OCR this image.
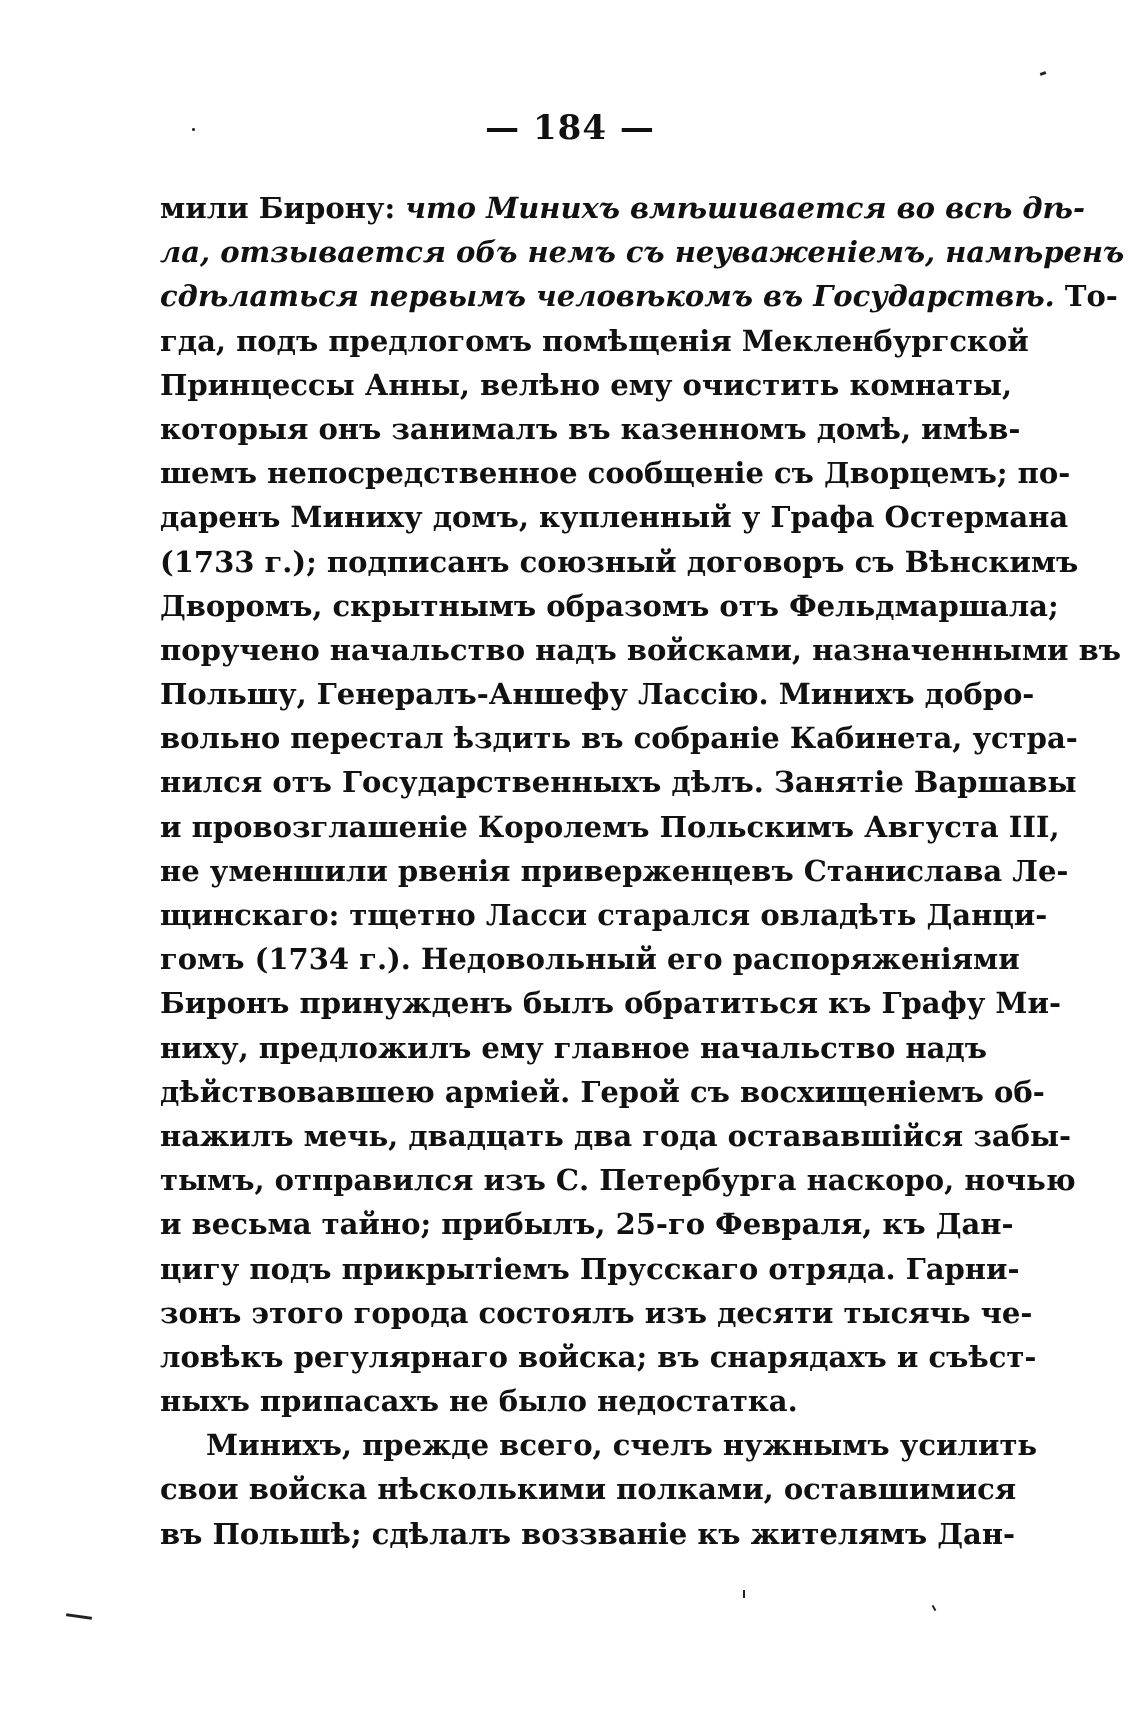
— 184 —
мили Бирону: что Минихъ вмѣшивается во всѣ дѣ-
ла, отзывается объ немъ съ неуваженіемъ, намѣренъ
сдѣлаться первымъ человѣкомъ въ Государствѣ. То-
гда, подъ предлогомъ помѣщенія Мекленбургской
Принцессы Анны, велѣно ему очистить комнаты,
которыя онъ занималъ въ казенномъ домѣ, имѣв-
шемъ непосредственное сообщеніе съ Дворцемъ; по-
даренъ Миниху домъ, купленный у Графа Остермана
(1733 г.); подписанъ союзный договоръ съ Вѣнскимъ
Дворомъ, скрытнымъ образомъ отъ Фельдмаршала;
поручено начальство надъ войсками, назначенными въ
Польшу, Генералъ-Аншефу Лассію. Минихъ добро-
вольно перестал ѣздить въ собраніе Кабинета, устра-
нился отъ Государственныхъ дѣлъ. Занятіе Варшавы
и провозглашеніе Королемъ Польскимъ Августа III,
не уменшили рвенія приверженцевъ Станислава Ле-
щинскаго: тщетно Ласси старался овладѣть Данци-
гомъ (1734 г.). Недовольный его распоряженіями
Биронъ принужденъ былъ обратиться къ Графу Ми-
ниху, предложилъ ему главное начальство надъ
дѣйствовавшею арміей. Герой съ восхищеніемъ об-
нажилъ мечь, двадцать два года остававшійся забы-
тымъ, отправился изъ С. Петербурга наскоро, ночью
и весьма тайно; прибылъ, 25-го Февраля, къ Дан-
цигу подъ прикрытіемъ Прусскаго отряда. Гарни-
зонъ этого города состоялъ изъ десяти тысячь че-
ловѣкъ регулярнаго войска; въ снарядахъ и съѣст-
ныхъ припасахъ не было недостатка.
Минихъ, прежде всего, счелъ нужнымъ усилить
свои войска нѣсколькими полками, оставшимися
въ Польшѣ; сдѣлалъ воззваніе къ жителямъ Дан-
